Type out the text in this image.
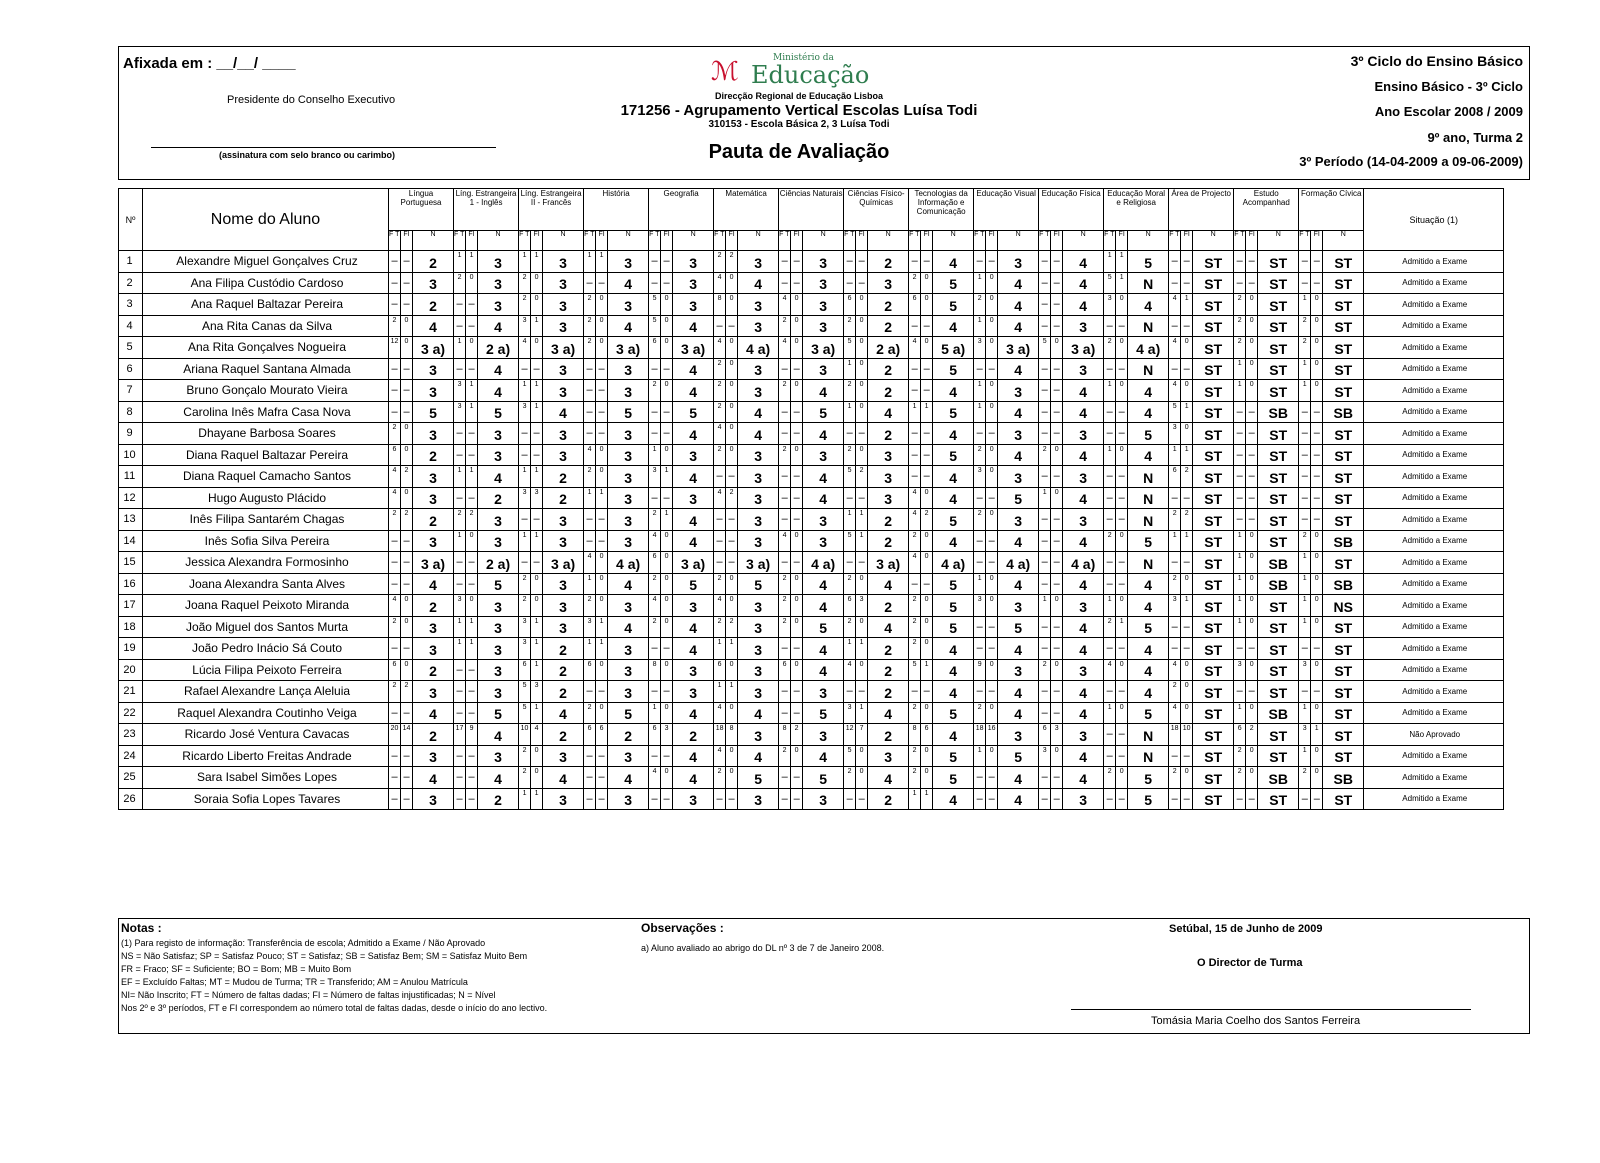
Afixada em : __/__/ ____
Presidente do Conselho Executivo
(assinatura com selo branco ou carimbo)
ℳ	Ministério da
Educação
Direcção Regional de Educação Lisboa
171256 - Agrupamento Vertical Escolas Luísa Todi
310153 - Escola Básica 2, 3 Luísa Todi
Pauta de Avaliação
3º Ciclo do Ensino Básico
Ensino Básico - 3º Ciclo
Ano Escolar 2008 / 2009
9º ano, Turma 2
3º Período (14-04-2009 a 09-06-2009)
Nº	Nome do Aluno	Língua Portuguesa			Líng. Estrangeira 1 - Inglês			Líng. Estrangeira II - Francês			História			Geografia			Matemática			Ciências Naturais			Ciências Físico-Químicas			Tecnologias da Informação e Comunicação			Educação Visual			Educação Física			Educação Moral e Religiosa			Área de Projecto			Estudo Acompanhad			Formação Cívica			Situação (1)
		F T	FI	N	F T	FI	N	F T	FI	N	F T	FI	N	F T	FI	N	F T	FI	N	F T	FI	N	F T	FI	N	F T	FI	N	F T	FI	N	F T	FI	N	F T	FI	N	F T	FI	N	F T	FI	N	F T	FI	N	
1	Alexandre Miguel Gonçalves Cruz	–	–	2	1	1	3	1	1	3	1	1	3	–	–	3	2	2	3	–	–	3	–	–	2	–	–	4	–	–	3	–	–	4	1	1	5	–	–	ST	–	–	ST	–	–	ST	Admitido a Exame
2	Ana Filipa Custódio Cardoso	–	–	3	2	0	3	2	0	3	–	–	4	–	–	3	4	0	4	–	–	3	–	–	3	2	0	5	1	0	4	–	–	4	5	1	N	–	–	ST	–	–	ST	–	–	ST	Admitido a Exame
3	Ana Raquel Baltazar Pereira	–	–	2	–	–	3	2	0	3	2	0	3	5	0	3	8	0	3	4	0	3	6	0	2	6	0	5	2	0	4	–	–	4	3	0	4	4	1	ST	2	0	ST	1	0	ST	Admitido a Exame
4	Ana Rita Canas da Silva	2	0	4	–	–	4	3	1	3	2	0	4	5	0	4	–	–	3	2	0	3	2	0	2	–	–	4	1	0	4	–	–	3	–	–	N	–	–	ST	2	0	ST	2	0	ST	Admitido a Exame
5	Ana Rita Gonçalves Nogueira	12	0	3 a)	1	0	2 a)	4	0	3 a)	2	0	3 a)	6	0	3 a)	4	0	4 a)	4	0	3 a)	5	0	2 a)	4	0	5 a)	3	0	3 a)	5	0	3 a)	2	0	4 a)	4	0	ST	2	0	ST	2	0	ST	Admitido a Exame
6	Ariana Raquel Santana Almada	–	–	3	–	–	4	–	–	3	–	–	3	–	–	4	2	0	3	–	–	3	1	0	2	–	–	5	–	–	4	–	–	3	–	–	N	–	–	ST	1	0	ST	1	0	ST	Admitido a Exame
7	Bruno Gonçalo Mourato Vieira	–	–	3	3	1	4	1	1	3	–	–	3	2	0	4	2	0	3	2	0	4	2	0	2	–	–	4	1	0	3	–	–	4	1	0	4	4	0	ST	1	0	ST	1	0	ST	Admitido a Exame
8	Carolina Inês Mafra Casa Nova	–	–	5	3	1	5	3	1	4	–	–	5	–	–	5	2	0	4	–	–	5	1	0	4	1	1	5	1	0	4	–	–	4	–	–	4	5	1	ST	–	–	SB	–	–	SB	Admitido a Exame
9	Dhayane Barbosa Soares	2	0	3	–	–	3	–	–	3	–	–	3	–	–	4	4	0	4	–	–	4	–	–	2	–	–	4	–	–	3	–	–	3	–	–	5	3	0	ST	–	–	ST	–	–	ST	Admitido a Exame
10	Diana Raquel Baltazar Pereira	6	0	2	–	–	3	–	–	3	4	0	3	1	0	3	2	0	3	2	0	3	2	0	3	–	–	5	2	0	4	2	0	4	1	0	4	1	1	ST	–	–	ST	–	–	ST	Admitido a Exame
11	Diana Raquel Camacho Santos	4	2	3	1	1	4	1	1	2	2	0	3	3	1	4	–	–	3	–	–	4	5	2	3	–	–	4	3	0	3	–	–	3	–	–	N	6	2	ST	–	–	ST	–	–	ST	Admitido a Exame
12	Hugo Augusto Plácido	4	0	3	–	–	2	3	3	2	1	1	3	–	–	3	4	2	3	–	–	4	–	–	3	4	0	4	–	–	5	1	0	4	–	–	N	–	–	ST	–	–	ST	–	–	ST	Admitido a Exame
13	Inês Filipa Santarém Chagas	2	2	2	2	2	3	–	–	3	–	–	3	2	1	4	–	–	3	–	–	3	1	1	2	4	2	5	2	0	3	–	–	3	–	–	N	2	2	ST	–	–	ST	–	–	ST	Admitido a Exame
14	Inês Sofia Silva Pereira	–	–	3	1	0	3	1	1	3	–	–	3	4	0	4	–	–	3	4	0	3	5	1	2	2	0	4	–	–	4	–	–	4	2	0	5	1	1	ST	1	0	ST	2	0	SB	Admitido a Exame
15	Jessica Alexandra Formosinho	–	–	3 a)	–	–	2 a)	–	–	3 a)	4	0	4 a)	6	0	3 a)	–	–	3 a)	–	–	4 a)	–	–	3 a)	4	0	4 a)	–	–	4 a)	–	–	4 a)	–	–	N	–	–	ST	1	0	SB	1	0	ST	Admitido a Exame
16	Joana Alexandra Santa Alves	–	–	4	–	–	5	2	0	3	1	0	4	2	0	5	2	0	5	2	0	4	2	0	4	–	–	5	1	0	4	–	–	4	–	–	4	2	0	ST	1	0	SB	1	0	SB	Admitido a Exame
17	Joana Raquel Peixoto Miranda	4	0	2	3	0	3	2	0	3	2	0	3	4	0	3	4	0	3	2	0	4	6	3	2	2	0	5	3	0	3	1	0	3	1	0	4	3	1	ST	1	0	ST	1	0	NS	Admitido a Exame
18	João Miguel dos Santos Murta	2	0	3	1	1	3	3	1	3	3	1	4	2	0	4	2	2	3	2	0	5	2	0	4	2	0	5	–	–	5	–	–	4	2	1	5	–	–	ST	1	0	ST	1	0	ST	Admitido a Exame
19	João Pedro Inácio Sá Couto	–	–	3	1	1	3	3	1	2	1	1	3	–	–	4	1	1	3	–	–	4	1	1	2	2	0	4	–	–	4	–	–	4	–	–	4	–	–	ST	–	–	ST	–	–	ST	Admitido a Exame
20	Lúcia Filipa Peixoto Ferreira	6	0	2	–	–	3	6	1	2	6	0	3	8	0	3	6	0	3	6	0	4	4	0	2	5	1	4	9	0	3	2	0	3	4	0	4	4	0	ST	3	0	ST	3	0	ST	Admitido a Exame
21	Rafael Alexandre Lança Aleluia	2	2	3	–	–	3	5	3	2	–	–	3	–	–	3	1	1	3	–	–	3	–	–	2	–	–	4	–	–	4	–	–	4	–	–	4	2	0	ST	–	–	ST	–	–	ST	Admitido a Exame
22	Raquel Alexandra Coutinho Veiga	–	–	4	–	–	5	5	1	4	2	0	5	1	0	4	4	0	4	–	–	5	3	1	4	2	0	5	2	0	4	–	–	4	1	0	5	4	0	ST	1	0	SB	1	0	ST	Admitido a Exame
23	Ricardo José Ventura Cavacas	20	14	2	17	9	4	10	4	2	6	6	2	6	3	2	18	8	3	8	2	3	12	7	2	8	6	4	18	16	3	6	3	3	–	–	N	18	10	ST	6	2	ST	3	1	ST	Não Aprovado
24	Ricardo Liberto Freitas Andrade	–	–	3	–	–	3	2	0	3	–	–	3	–	–	4	4	0	4	2	0	4	5	0	3	2	0	5	1	0	5	3	0	4	–	–	N	–	–	ST	2	0	ST	1	0	ST	Admitido a Exame
25	Sara Isabel Simões Lopes	–	–	4	–	–	4	2	0	4	–	–	4	4	0	4	2	0	5	–	–	5	2	0	4	2	0	5	–	–	4	–	–	4	2	0	5	2	0	ST	2	0	SB	2	0	SB	Admitido a Exame
26	Soraia Sofia Lopes Tavares	–	–	3	–	–	2	1	1	3	–	–	3	–	–	3	–	–	3	–	–	3	–	–	2	1	1	4	–	–	4	–	–	3	–	–	5	–	–	ST	–	–	ST	–	–	ST	Admitido a Exame
Notas :
(1) Para registo de informação: Transferência de escola; Admitido a Exame / Não Aprovado
NS = Não Satisfaz; SP = Satisfaz Pouco; ST = Satisfaz; SB = Satisfaz Bem; SM = Satisfaz Muito Bem
FR = Fraco; SF = Suficiente; BO = Bom; MB = Muito Bom
EF = Excluído Faltas; MT = Mudou de Turma; TR = Transferido; AM = Anulou Matrícula
NI= Não Inscrito; FT = Número de faltas dadas; FI = Número de faltas injustificadas; N = Nível
Nos 2º e 3º períodos, FT e FI correspondem ao número total de faltas dadas, desde o início do ano lectivo.
Observações :
a) Aluno avaliado ao abrigo do DL nº 3 de 7 de Janeiro 2008.
Setúbal, 15 de Junho de 2009
O Director de Turma
Tomásia Maria Coelho dos Santos Ferreira
